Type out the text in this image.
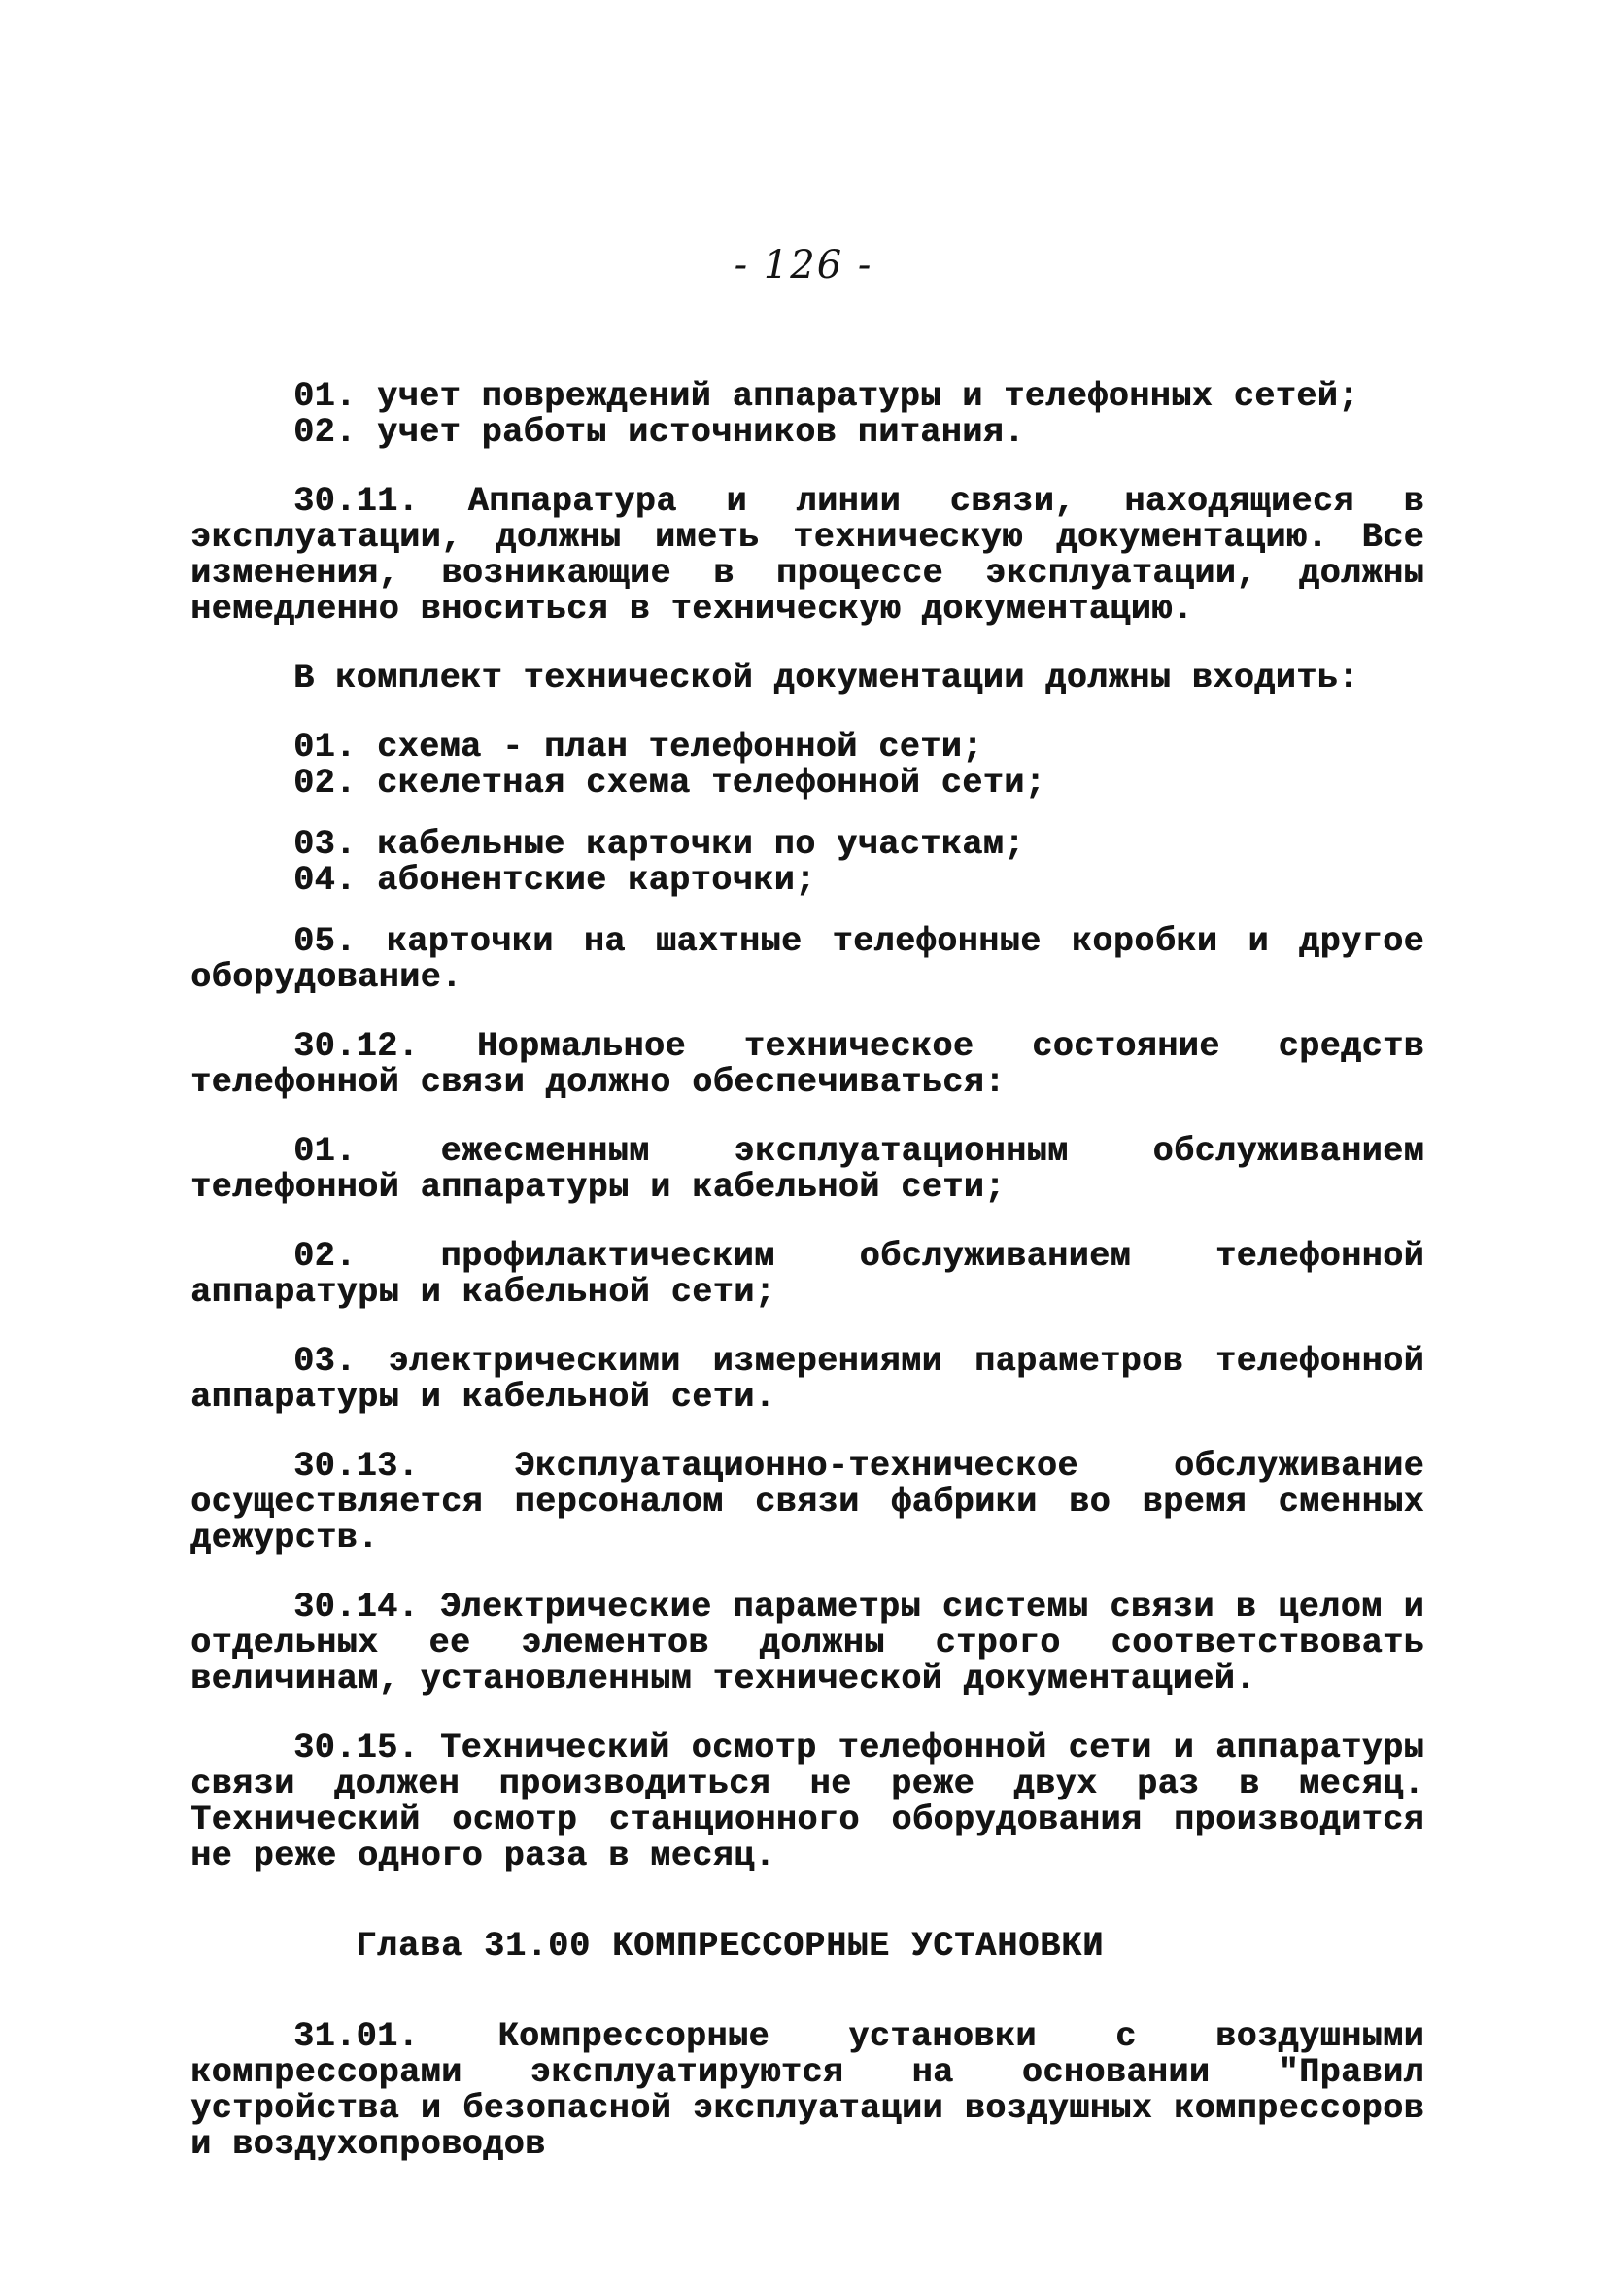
- 126 -
01. учет повреждений аппаратуры и телефонных сетей;
02. учет работы источников питания.

30.11. Аппаратура и линии связи, находящиеся в эксплуатации, должны иметь техническую документацию. Все изменения, возникающие в процессе эксплуатации, должны немедленно вноситься в техническую документацию.

В комплект технической документации должны входить:

01. схема - план телефонной сети;
02. скелетная схема телефонной сети;
03. кабельные карточки по участкам;
04. абонентские карточки;

05. карточки на шахтные телефонные коробки и другое оборудование.

30.12. Нормальное техническое состояние средств телефонной связи должно обеспечиваться:

01. ежесменным эксплуатационным обслуживанием телефонной аппаратуры и кабельной сети;

02. профилактическим обслуживанием телефонной аппаратуры и кабельной сети;

03. электрическими измерениями параметров телефонной аппаратуры и кабельной сети.

30.13. Эксплуатационно-техническое обслуживание осуществляется персоналом связи фабрики во время сменных дежурств.

30.14. Электрические параметры системы связи в целом и отдельных ее элементов должны строго соответствовать величинам, установленным технической документацией.

30.15. Технический осмотр телефонной сети и аппаратуры связи должен производиться не реже двух раз в месяц. Технический осмотр станционного оборудования производится не реже одного раза в месяц.

Глава 31.00 КОМПРЕССОРНЫЕ УСТАНОВКИ

31.01. Компрессорные установки с воздушными компрессорами эксплуатируются на основании "Правил устройства и безопасной эксплуатации воздушных компрессоров и воздухопроводов
